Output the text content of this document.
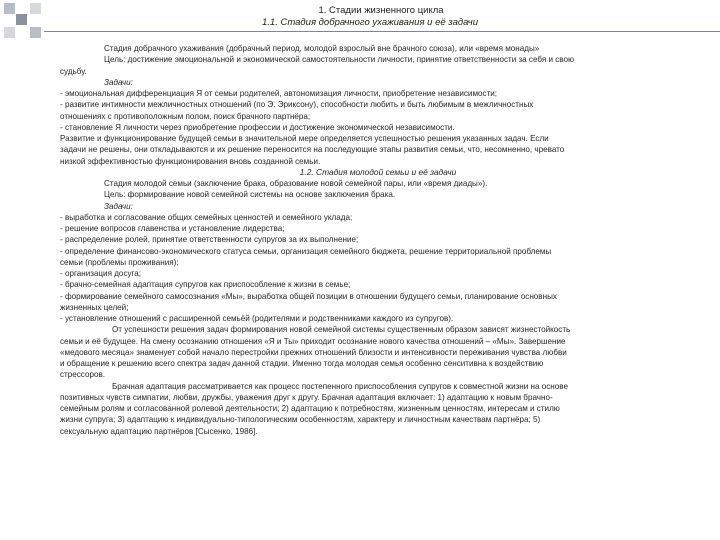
1. Стадии жизненного цикла
1.1. Стадия добрачного ухаживания и её задачи

Стадия добрачного ухаживания (добрачный период, молодой взрослый вне брачного союза), или «время монады»

Цель: достижение эмоциональной и экономической самостоятельности личности, принятие ответственности за себя и свою

судьбу.

Задачи:

- эмоциональная дифференциация Я от семьи родителей, автономизация личности, приобретение независимости;

- развитие интимности межличностных отношений (по Э. Эриксону), способности любить и быть любимым в межличностных

отношениях с противоположным полом, поиск брачного партнёра;

- становление Я личности через приобретение профессии и достижение экономической независимости.

Развитие и функционирование будущей семьи в значительной мере определяется успешностью решения указанных задач. Если

задачи не решены, они откладываются и их решение переносится на последующие этапы развития семьи, что, несомненно, чревато

низкой эффективностью функционирования вновь созданной семьи.

1.2. Стадия молодой семьи и её задачи

Стадия молодой семьи (заключение брака, образование новой семейной пары, или «время диады»).

Цель: формирование новой семейной системы на основе заключения брака.

Задачи:

- выработка и согласование общих семейных ценностей и семейного уклада;

- решение вопросов главенства и установление лидерства;

- распределение ролей, принятие ответственности супругов за их выполнение;

- определение финансово-экономического статуса семьи, организация семейного бюджета, решение территориальной проблемы

семьи (проблемы проживания);

- организация досуга;

- брачно-семейная адаптация супругов как приспособление к жизни в семье;

- формирование семейного самосознания «Мы», выработка общей позиции в отношении будущего семьи, планирование основных

жизненных целей;

- установление отношений с расширенной семьёй (родителями и родственниками каждого из супругов).

От успешности решения задач формирования новой семейной системы существенным образом зависят жизнестойкость

семьи и её будущее. На смену осознанию отношения «Я и Ты» приходит осознание нового качества отношений – «Мы». Завершение

«медового месяца» знаменует собой начало перестройки прежних отношений близости и интенсивности переживания чувства любви

и обращение к решению всего спектра задач данной стадии. Именно тогда молодая семья особенно сенситивна к воздействию

стрессоров.

Брачная адаптация рассматривается как процесс постепенного приспособления супругов к совместной жизни на основе

позитивных чувств симпатии, любви, дружбы, уважения друг к другу. Брачная адаптация включает: 1) адаптацию к новым брачно-

семейным ролям и согласованной ролевой деятельности; 2) адаптацию к потребностям, жизненным ценностям, интересам и стилю

жизни супруга; 3) адаптацию к индивидуально-типологическим особенностям, характеру и личностным качествам партнёра; 5)

сексуальную адаптацию партнёров [Сысенко, 1986].
